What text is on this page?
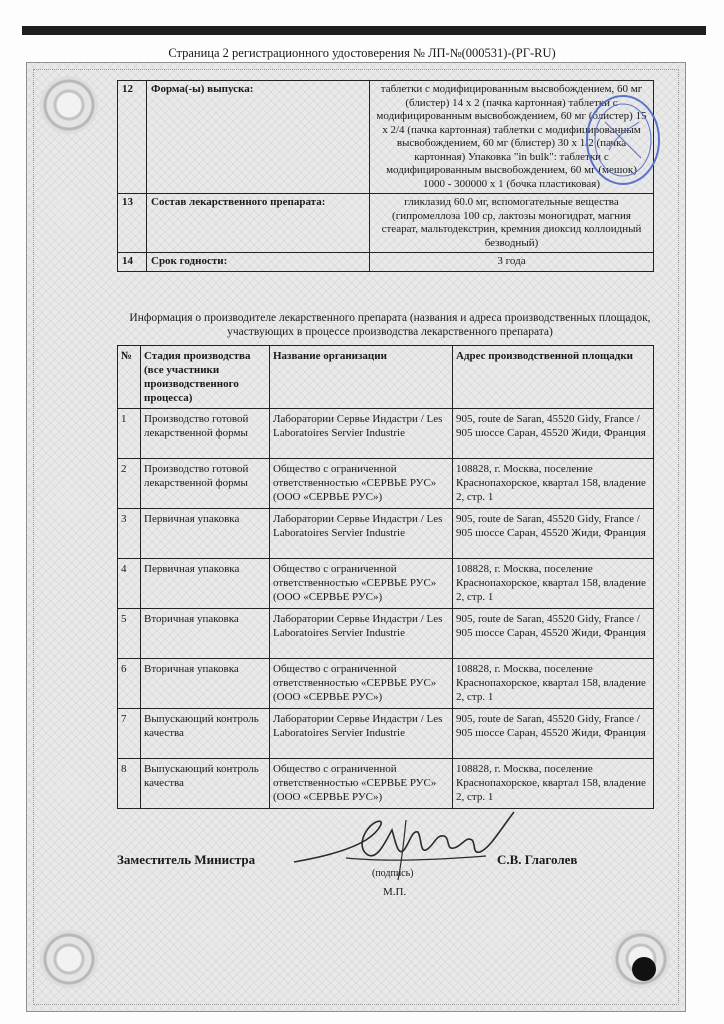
Страница 2 регистрационного удостоверения № ЛП-№(000531)-(РГ-RU)
12	Форма(-ы) выпуска:	таблетки с модифицированным высвобождением, 60 мг (блистер) 14 x 2 (пачка картонная) таблетки с модифицированным высвобождением, 60 мг (блистер) 15 x 2/4 (пачка картонная) таблетки с модифицированным высвобождением, 60 мг (блистер) 30 x 1/2 (пачка картонная) Упаковка "in bulk": таблетки с модифицированным высвобождением, 60 мг (мешок) 1000 - 300000 x 1 (бочка пластиковая)
13	Состав лекарственного препарата:	гликлазид 60.0 мг, вспомогательные вещества (гипромеллоза 100 ср, лактозы моногидрат, магния стеарат, мальтодекстрин, кремния диоксид коллоидный безводный)
14	Срок годности:	3 года
Информация о производителе лекарственного препарата (названия и адреса производственных площадок, участвующих в процессе производства лекарственного препарата)
№	Стадия производства (все участники производственного процесса)	Название организации	Адрес производственной площадки
1	Производство готовой лекарственной формы	Лаборатории Сервье Индастри / Les Laboratoires Servier Industrie	905, route de Saran, 45520 Gidy, France / 905 шоссе Саран, 45520 Жиди, Франция
2	Производство готовой лекарственной формы	Общество с ограниченной ответственностью «СЕРВЬЕ РУС» (ООО «СЕРВЬЕ РУС»)	108828, г. Москва, поселение Краснопахорское, квартал 158, владение 2, стр. 1
3	Первичная упаковка	Лаборатории Сервье Индастри / Les Laboratoires Servier Industrie	905, route de Saran, 45520 Gidy, France / 905 шоссе Саран, 45520 Жиди, Франция
4	Первичная упаковка	Общество с ограниченной ответственностью «СЕРВЬЕ РУС» (ООО «СЕРВЬЕ РУС»)	108828, г. Москва, поселение Краснопахорское, квартал 158, владение 2, стр. 1
5	Вторичная упаковка	Лаборатории Сервье Индастри / Les Laboratoires Servier Industrie	905, route de Saran, 45520 Gidy, France / 905 шоссе Саран, 45520 Жиди, Франция
6	Вторичная упаковка	Общество с ограниченной ответственностью «СЕРВЬЕ РУС» (ООО «СЕРВЬЕ РУС»)	108828, г. Москва, поселение Краснопахорское, квартал 158, владение 2, стр. 1
7	Выпускающий контроль качества	Лаборатории Сервье Индастри / Les Laboratoires Servier Industrie	905, route de Saran, 45520 Gidy, France / 905 шоссе Саран, 45520 Жиди, Франция
8	Выпускающий контроль качества	Общество с ограниченной ответственностью «СЕРВЬЕ РУС» (ООО «СЕРВЬЕ РУС»)	108828, г. Москва, поселение Краснопахорское, квартал 158, владение 2, стр. 1
Заместитель Министра	С.В. Глаголев
(подпись)
М.П.
